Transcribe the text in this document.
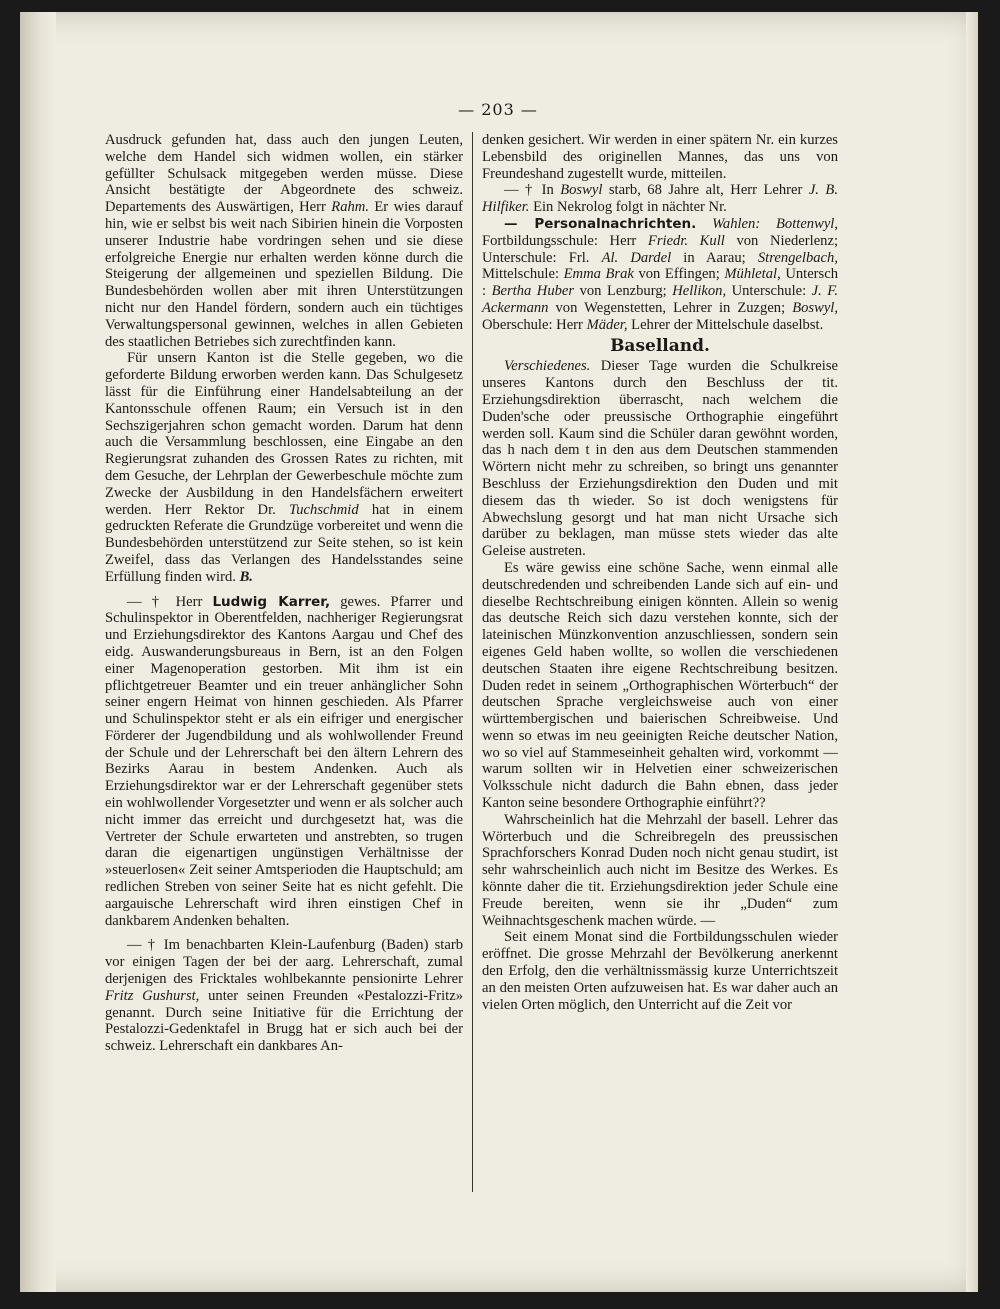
— 203 —

Ausdruck gefunden hat, dass auch den jungen Leuten, welche dem Handel sich widmen wollen, ein stärker gefüllter Schulsack mitgegeben werden müsse. Diese Ansicht bestätigte der Abgeordnete des schweiz. Departements des Auswärtigen, Herr Rahm. Er wies darauf hin, wie er selbst bis weit nach Sibirien hinein die Vorposten unserer Industrie habe vordringen sehen und sie diese erfolgreiche Energie nur erhalten werden könne durch die Steigerung der allgemeinen und speziellen Bildung. Die Bundesbehörden wollen aber mit ihren Unterstützungen nicht nur den Handel fördern, sondern auch ein tüchtiges Verwaltungspersonal gewinnen, welches in allen Gebieten des staatlichen Betriebes sich zurechtfinden kann.

Für unsern Kanton ist die Stelle gegeben, wo die geforderte Bildung erworben werden kann. Das Schulgesetz lässt für die Einführung einer Handelsabteilung an der Kantonsschule offenen Raum; ein Versuch ist in den Sechszigerjahren schon gemacht worden. Darum hat denn auch die Versammlung beschlossen, eine Eingabe an den Regierungsrat zuhanden des Grossen Rates zu richten, mit dem Gesuche, der Lehrplan der Gewerbeschule möchte zum Zwecke der Ausbildung in den Handelsfächern erweitert werden. Herr Rektor Dr. Tuchschmid hat in einem gedruckten Referate die Grundzüge vorbereitet und wenn die Bundesbehörden unterstützend zur Seite stehen, so ist kein Zweifel, dass das Verlangen des Handelsstandes seine Erfüllung finden wird. B.

— † Herr Ludwig Karrer, gewes. Pfarrer und Schulinspektor in Oberentfelden, nachheriger Regierungsrat und Erziehungsdirektor des Kantons Aargau und Chef des eidg. Auswanderungsbureaus in Bern, ist an den Folgen einer Magenoperation gestorben. Mit ihm ist ein pflichtgetreuer Beamter und ein treuer anhänglicher Sohn seiner engern Heimat von hinnen geschieden. Als Pfarrer und Schulinspektor steht er als ein eifriger und energischer Förderer der Jugendbildung und als wohlwollender Freund der Schule und der Lehrerschaft bei den ältern Lehrern des Bezirks Aarau in bestem Andenken. Auch als Erziehungsdirektor war er der Lehrerschaft gegenüber stets ein wohlwollender Vorgesetzter und wenn er als solcher auch nicht immer das erreicht und durchgesetzt hat, was die Vertreter der Schule erwarteten und anstrebten, so trugen daran die eigenartigen ungünstigen Verhältnisse der »steuerlosen« Zeit seiner Amtsperioden die Hauptschuld; am redlichen Streben von seiner Seite hat es nicht gefehlt. Die aargauische Lehrerschaft wird ihren einstigen Chef in dankbarem Andenken behalten.

— † Im benachbarten Klein-Laufenburg (Baden) starb vor einigen Tagen der bei der aarg. Lehrerschaft, zumal derjenigen des Fricktales wohlbekannte pensionirte Lehrer Fritz Gushurst, unter seinen Freunden «Pestalozzi-Fritz» genannt. Durch seine Initiative für die Errichtung der Pestalozzi-Gedenktafel in Brugg hat er sich auch bei der schweiz. Lehrerschaft ein dankbares An-

denken gesichert. Wir werden in einer spätern Nr. ein kurzes Lebensbild des originellen Mannes, das uns von Freundeshand zugestellt wurde, mitteilen.

— † In Boswyl starb, 68 Jahre alt, Herr Lehrer J. B. Hilfiker. Ein Nekrolog folgt in nächter Nr.

— Personalnachrichten. Wahlen: Bottenwyl, Fortbildungsschule: Herr Friedr. Kull von Niederlenz; Unterschule: Frl. Al. Dardel in Aarau; Strengelbach, Mittelschule: Emma Brak von Effingen; Mühletal, Untersch : Bertha Huber von Lenzburg; Hellikon, Unterschule: J. F. Ackermann von Wegenstetten, Lehrer in Zuzgen; Boswyl, Oberschule: Herr Mäder, Lehrer der Mittelschule daselbst.

Baselland.

Verschiedenes. Dieser Tage wurden die Schulkreise unseres Kantons durch den Beschluss der tit. Erziehungsdirektion überrascht, nach welchem die Duden'sche oder preussische Orthographie eingeführt werden soll. Kaum sind die Schüler daran gewöhnt worden, das h nach dem t in den aus dem Deutschen stammenden Wörtern nicht mehr zu schreiben, so bringt uns genannter Beschluss der Erziehungsdirektion den Duden und mit diesem das th wieder. So ist doch wenigstens für Abwechslung gesorgt und hat man nicht Ursache sich darüber zu beklagen, man müsse stets wieder das alte Geleise austreten.

Es wäre gewiss eine schöne Sache, wenn einmal alle deutschredenden und schreibenden Lande sich auf ein- und dieselbe Rechtschreibung einigen könnten. Allein so wenig das deutsche Reich sich dazu verstehen konnte, sich der lateinischen Münzkonvention anzuschliessen, sondern sein eigenes Geld haben wollte, so wollen die verschiedenen deutschen Staaten ihre eigene Rechtschreibung besitzen. Duden redet in seinem „Orthographischen Wörterbuch“ der deutschen Sprache vergleichsweise auch von einer württembergischen und baierischen Schreibweise. Und wenn so etwas im neu geeinigten Reiche deutscher Nation, wo so viel auf Stammeseinheit gehalten wird, vorkommt — warum sollten wir in Helvetien einer schweizerischen Volksschule nicht dadurch die Bahn ebnen, dass jeder Kanton seine besondere Orthographie einführt??

Wahrscheinlich hat die Mehrzahl der basell. Lehrer das Wörterbuch und die Schreibregeln des preussischen Sprachforschers Konrad Duden noch nicht genau studirt, ist sehr wahrscheinlich auch nicht im Besitze des Werkes. Es könnte daher die tit. Erziehungsdirektion jeder Schule eine Freude bereiten, wenn sie ihr „Duden“ zum Weihnachtsgeschenk machen würde. —

Seit einem Monat sind die Fortbildungsschulen wieder eröffnet. Die grosse Mehrzahl der Bevölkerung anerkennt den Erfolg, den die verhältnissmässig kurze Unterrichtszeit an den meisten Orten aufzuweisen hat. Es war daher auch an vielen Orten möglich, den Unterricht auf die Zeit vor
